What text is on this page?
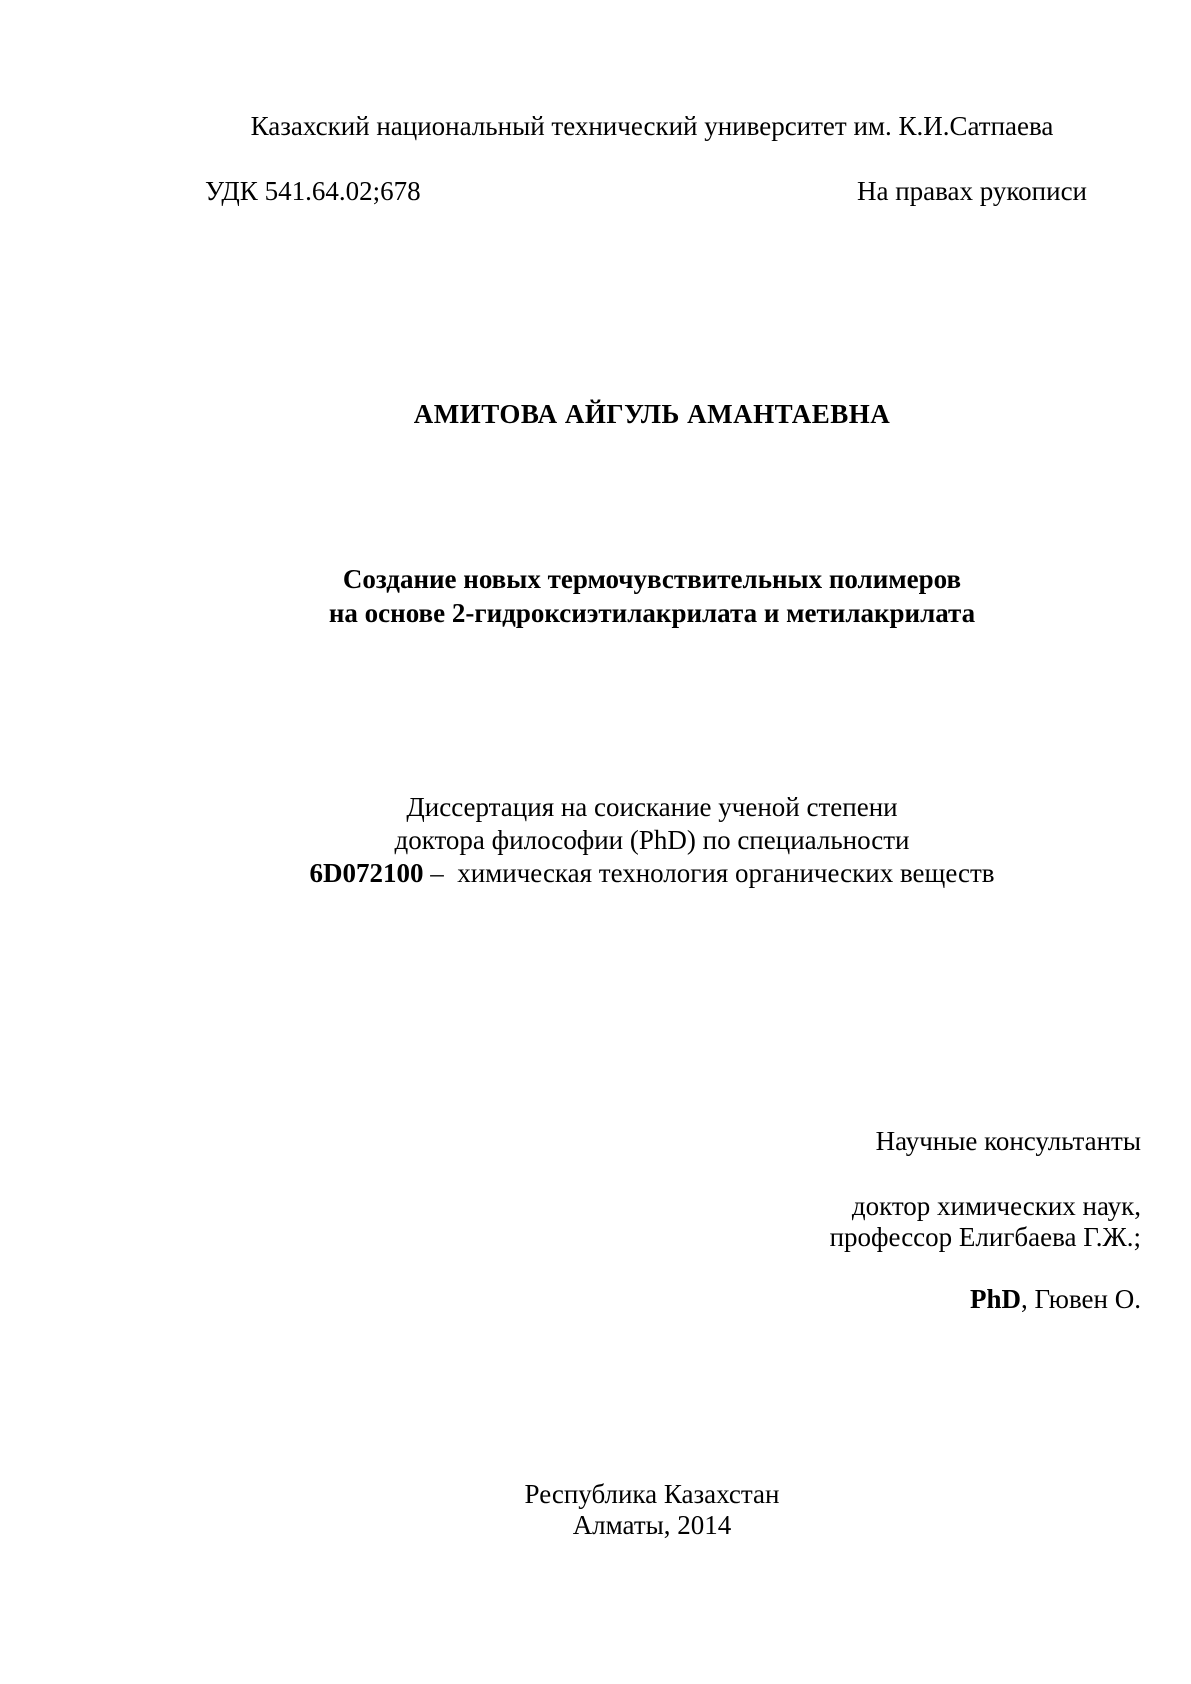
Казахский национальный технический университет им. К.И.Сатпаева
УДК 541.64.02;678	На правах рукописи
АМИТОВА АЙГУЛЬ АМАНТАЕВНА
Создание новых термочувствительных полимеров
на основе 2-гидроксиэтилакрилата и метилакрилата
Диссертация на соискание ученой степени
доктора философии (PhD) по специальности
6D072100 –  химическая технология органических веществ
Научные консультанты
доктор химических наук,
профессор Елигбаева Г.Ж.;
PhD, Гювен О.
Республика Казахстан
Алматы, 2014
